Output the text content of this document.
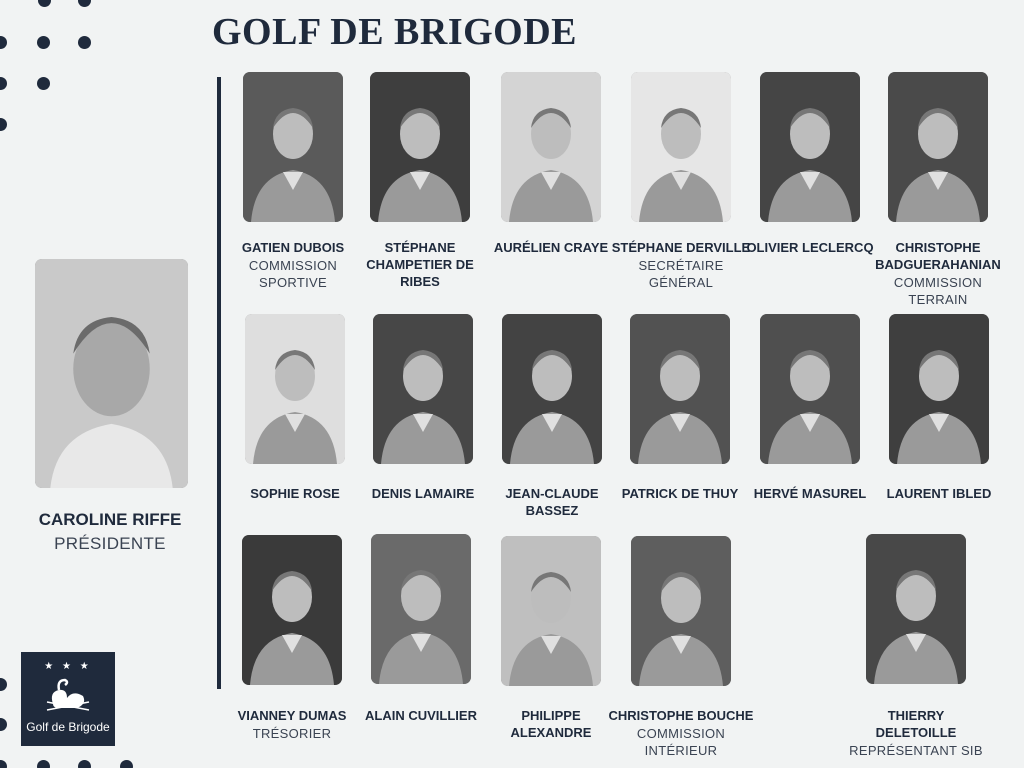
GOLF DE BRIGODE
CAROLINE RIFFE
PRÉSIDENTE
★ ★ ★
Golf de Brigode
GATIEN DUBOIS
COMMISSION SPORTIVE
STÉPHANE CHAMPETIER DE RIBES
AURÉLIEN CRAYE STÉPHANE DERVILLE
SECRÉTAIRE GÉNÉRAL
OLIVIER LECLERCQ	CHRISTOPHE BADGUERAHANIAN
COMMISSION TERRAIN
SOPHIE ROSE	DENIS LAMAIRE	JEAN-CLAUDE BASSEZ
PATRICK DE THUY	HERVÉ MASUREL	LAURENT IBLED
VIANNEY DUMAS
TRÉSORIER
ALAIN CUVILLIER	PHILIPPE ALEXANDRE
CHRISTOPHE BOUCHE
COMMISSION INTÉRIEUR
THIERRY DELETOILLE
REPRÉSENTANT SIB
